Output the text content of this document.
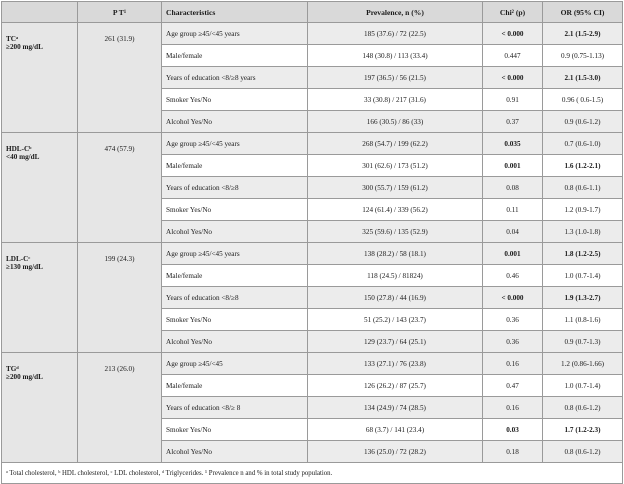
	P T¹	Characteristics	Prevalence, n (%)	Chi² (p)	OR (95% CI)

TCᵃ
≥200 mg/dL	261 (31.9)	Age group ≥45/<45 years	185 (37.6) / 72 (22.5)	< 0.000	2.1 (1.5-2.9)
		Male/female	148 (30.8) / 113 (33.4)	0.447	0.9 (0.75-1.13)
		Years of education <8/≥8 years	197 (36.5) / 56 (21.5)	< 0.000	2.1 (1.5-3.0)
		Smoker Yes/No	33 (30.8) / 217 (31.6)	0.91	0.96 ( 0.6-1.5)
		Alcohol Yes/No	166 (30.5) / 86 (33)	0.37	0.9 (0.6-1.2)

HDL-Cᵇ
<40 mg/dL	474 (57.9)	Age group ≥45/<45 years	268 (54.7) / 199 (62.2)	0.035	0.7 (0.6-1.0)
		Male/female	301 (62.6) / 173 (51.2)	0.001	1.6 (1.2-2.1)
		Years of education <8/≥8	300 (55.7) / 159 (61.2)	0.08	0.8 (0.6-1.1)
		Smoker Yes/No	124 (61.4) / 339 (56.2)	0.11	1.2 (0.9-1.7)
		Alcohol Yes/No	325 (59.6) / 135 (52.9)	0.04	1.3 (1.0-1.8)

LDL-Cᶜ
≥130 mg/dL	199 (24.3)	Age group ≥45/<45 years	138 (28.2) / 58 (18.1)	0.001	1.8 (1.2-2.5)
		Male/female	118 (24.5) / 81824)	0.46	1.0 (0.7-1.4)
		Years of education <8/≥8	150 (27.8) / 44 (16.9)	< 0.000	1.9 (1.3-2.7)
		Smoker Yes/No	51 (25.2) / 143 (23.7)	0.36	1.1 (0.8-1.6)
		Alcohol Yes/No	129 (23.7) / 64 (25.1)	0.36	0.9 (0.7-1.3)

TGᵈ
≥200 mg/dL	213 (26.0)	Age group ≥45/<45	133 (27.1) / 76 (23.8)	0.16	1.2 (0.86-1.66)
		Male/female	126 (26.2) / 87 (25.7)	0.47	1.0 (0.7-1.4)
		Years of education <8/≥ 8	134 (24.9) / 74 (28.5)	0.16	0.8 (0.6-1.2)
		Smoker Yes/No	68 (3.7) / 141 (23.4)	0.03	1.7 (1.2-2.3)
		Alcohol Yes/No	136 (25.0) / 72 (28.2)	0.18	0.8 (0.6-1.2)
ᵃ Total cholesterol, ᵇ HDL cholesterol, ᶜ LDL cholesterol, ᵈ Triglycerides. ¹ Prevalence n and % in total study population.					
